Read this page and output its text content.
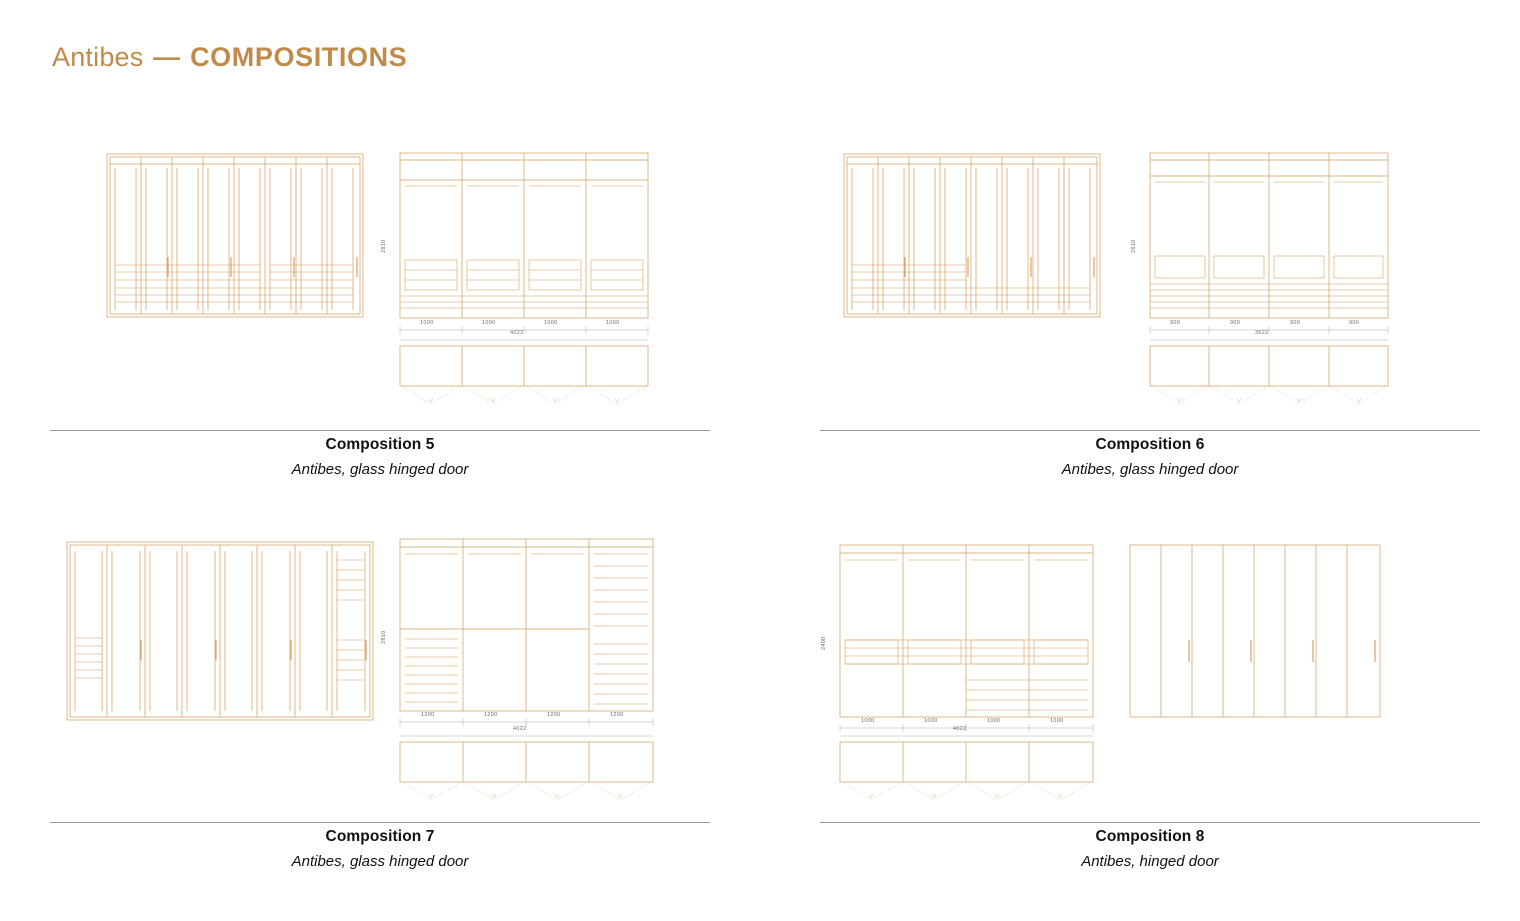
Antibes — COMPOSITIONS
2810
1000	1000	1000	1000
4022
Composition 5
Antibes, glass hinged door
2810
900	900	900	900
3622
Composition 6
Antibes, glass hinged door
2810
1200	1200	1200	1200
4022
Composition 7
Antibes, glass hinged door
2400
1000	1000	1000	1000
4022
Composition 8
Antibes, hinged door
